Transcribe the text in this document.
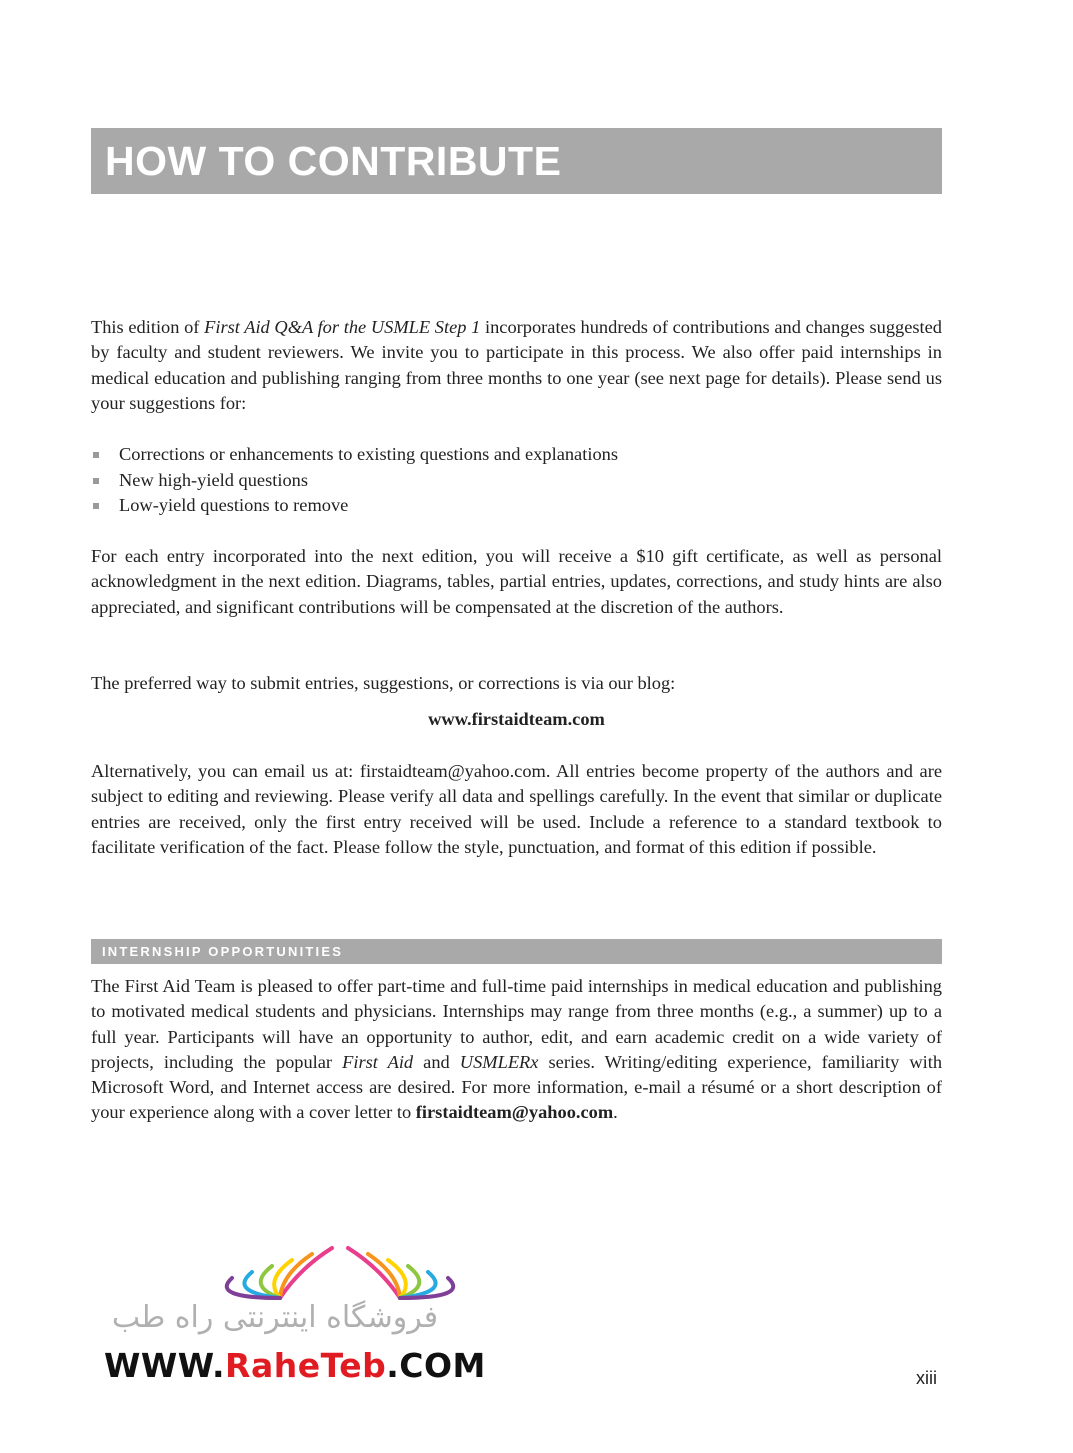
HOW TO CONTRIBUTE

This edition of First Aid Q&A for the USMLE Step 1 incorporates hundreds of contributions and changes suggested by faculty and student reviewers. We invite you to participate in this process. We also offer paid internships in medical education and publishing ranging from three months to one year (see next page for details). Please send us your suggestions for:

Corrections or enhancements to existing questions and explanations
New high-yield questions
Low-yield questions to remove

For each entry incorporated into the next edition, you will receive a $10 gift certificate, as well as personal acknowledgment in the next edition. Diagrams, tables, partial entries, updates, corrections, and study hints are also appreciated, and significant contributions will be compensated at the discretion of the authors.

The preferred way to submit entries, suggestions, or corrections is via our blog:

www.firstaidteam.com

Alternatively, you can email us at: firstaidteam@yahoo.com. All entries become property of the authors and are subject to editing and reviewing. Please verify all data and spellings carefully. In the event that similar or duplicate entries are received, only the first entry received will be used. Include a reference to a standard textbook to facilitate verification of the fact. Please follow the style, punctuation, and format of this edition if possible.

INTERNSHIP OPPORTUNITIES

The First Aid Team is pleased to offer part-time and full-time paid internships in medical education and publishing to motivated medical students and physicians. Internships may range from three months (e.g., a summer) up to a full year. Participants will have an opportunity to author, edit, and earn academic credit on a wide variety of projects, including the popular First Aid and USMLERx series. Writing/editing experience, familiarity with Microsoft Word, and Internet access are desired. For more information, e-mail a résumé or a short description of your experience along with a cover letter to firstaidteam@yahoo.com.

فروشگاه اینترنتی راه طب
WWW.RaheTeb.COM	xiii
